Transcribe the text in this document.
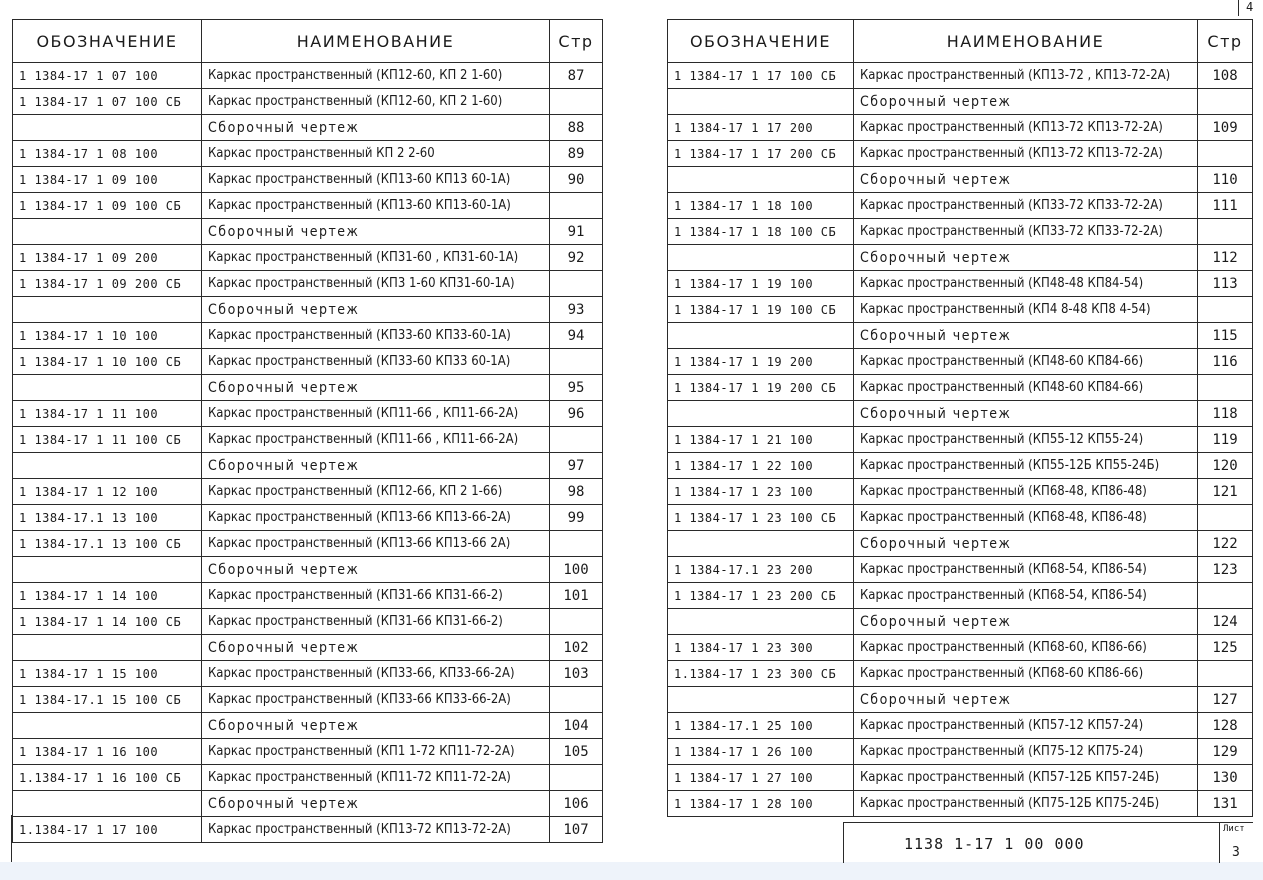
ОБОЗНАЧЕНИЕ	НАИМЕНОВАНИЕ	Стр
1 1384-17 1 07 100	Каркас пространственный (КП12-60, КП 2 1-60)	87
1 1384-17 1 07 100 СБ	Каркас пространственный (КП12-60, КП 2 1-60)	
	Сборочный чертеж	88
1 1384-17 1 08 100	Каркас пространственный КП 2 2-60	89
1 1384-17 1 09 100	Каркас пространственный (КП13-60 КП13 60-1А)	90
1 1384-17 1 09 100 СБ	Каркас пространственный (КП13-60 КП13-60-1А)	
	Сборочный чертеж	91
1 1384-17 1 09 200	Каркас пространственный (КП31-60 , КП31-60-1А)	92
1 1384-17 1 09 200 СБ	Каркас пространственный (КП3 1-60 КП31-60-1А)	
	Сборочный чертеж	93
1 1384-17 1 10 100	Каркас пространственный (КП33-60 КП33-60-1А)	94
1 1384-17 1 10 100 СБ	Каркас пространственный (КП33-60 КП33 60-1А)	
	Сборочный чертеж	95
1 1384-17 1 11 100	Каркас пространственный (КП11-66 , КП11-66-2А)	96
1 1384-17 1 11 100 СБ	Каркас пространственный (КП11-66 , КП11-66-2А)	
	Сборочный чертеж	97
1 1384-17 1 12 100	Каркас пространственный (КП12-66, КП 2 1-66)	98
1 1384-17.1 13 100	Каркас пространственный (КП13-66 КП13-66-2А)	99
1 1384-17.1 13 100 СБ	Каркас пространственный (КП13-66 КП13-66 2А)	
	Сборочный чертеж	100
1 1384-17 1 14 100	Каркас пространственный (КП31-66 КП31-66-2)	101
1 1384-17 1 14 100 СБ	Каркас пространственный (КП31-66 КП31-66-2)	
	Сборочный чертеж	102
1 1384-17 1 15 100	Каркас пространственный (КП33-66, КП33-66-2А)	103
1 1384-17.1 15 100 СБ	Каркас пространственный (КП33-66 КП33-66-2А)	
	Сборочный чертеж	104
1 1384-17 1 16 100	Каркас пространственный (КП1 1-72 КП11-72-2А)	105
1.1384-17 1 16 100 СБ	Каркас пространственный (КП11-72 КП11-72-2А)	
	Сборочный чертеж	106
1.1384-17 1 17 100	Каркас пространственный (КП13-72 КП13-72-2А)	107
ОБОЗНАЧЕНИЕ	НАИМЕНОВАНИЕ	Стр
1 1384-17 1 17 100 СБ	Каркас пространственный (КП13-72 , КП13-72-2А)	108
	Сборочный чертеж	
1 1384-17 1 17 200	Каркас пространственный (КП13-72 КП13-72-2А)	109
1 1384-17 1 17 200 СБ	Каркас пространственный (КП13-72 КП13-72-2А)	
	Сборочный чертеж	110
1 1384-17 1 18 100	Каркас пространственный (КП33-72 КП33-72-2А)	111
1 1384-17 1 18 100 СБ	Каркас пространственный (КП33-72 КП33-72-2А)	
	Сборочный чертеж	112
1 1384-17 1 19 100	Каркас пространственный (КП48-48 КП84-54)	113
1 1384-17 1 19 100 СБ	Каркас пространственный (КП4 8-48 КП8 4-54)	
	Сборочный чертеж	115
1 1384-17 1 19 200	Каркас пространственный (КП48-60 КП84-66)	116
1 1384-17 1 19 200 СБ	Каркас пространственный (КП48-60 КП84-66)	
	Сборочный чертеж	118
1 1384-17 1 21 100	Каркас пространственный (КП55-12 КП55-24)	119
1 1384-17 1 22 100	Каркас пространственный (КП55-12Б КП55-24Б)	120
1 1384-17 1 23 100	Каркас пространственный (КП68-48, КП86-48)	121
1 1384-17 1 23 100 СБ	Каркас пространственный (КП68-48, КП86-48)	
	Сборочный чертеж	122
1 1384-17.1 23 200	Каркас пространственный (КП68-54, КП86-54)	123
1 1384-17 1 23 200 СБ	Каркас пространственный (КП68-54, КП86-54)	
	Сборочный чертеж	124
1 1384-17 1 23 300	Каркас пространственный (КП68-60, КП86-66)	125
1.1384-17 1 23 300 СБ	Каркас пространственный (КП68-60 КП86-66)	
	Сборочный чертеж	127
1 1384-17.1 25 100	Каркас пространственный (КП57-12 КП57-24)	128
1 1384-17 1 26 100	Каркас пространственный (КП75-12 КП75-24)	129
1 1384-17 1 27 100	Каркас пространственный (КП57-12Б КП57-24Б)	130
1 1384-17 1 28 100	Каркас пространственный (КП75-12Б КП75-24Б)	131
1138 1-17 1 00 000
Лист
3
4
